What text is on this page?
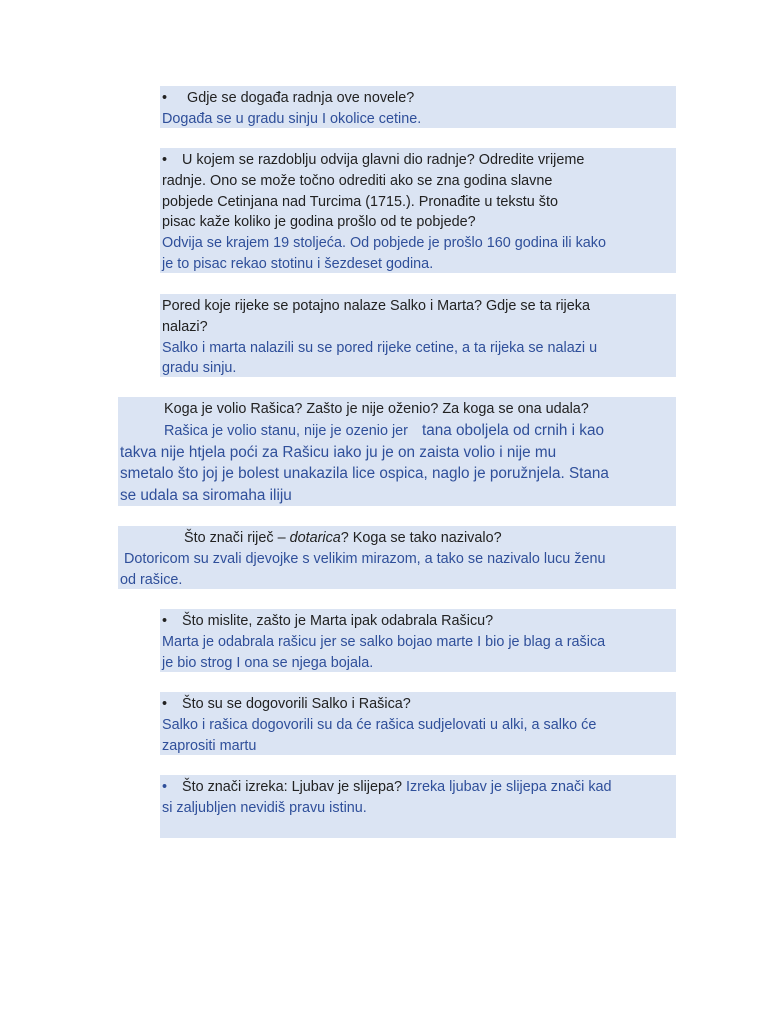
• Gdje se događa radnja ove novele?
Događa se u gradu sinju I okolice cetine.
• U kojem se razdoblju odvija glavni dio radnje? Odredite vrijeme
radnje. Ono se može točno odrediti ako se zna godina slavne
pobjede Cetinjana nad Turcima (1715.). Pronađite u tekstu što
pisac kaže koliko je godina prošlo od te pobjede?
Odvija se krajem 19 stoljeća. Od pobjede je prošlo 160 godina ili kako
je to pisac rekao stotinu i šezdeset godina.
Pored koje rijeke se potajno nalaze Salko i Marta? Gdje se ta rijeka
nalazi?
Salko i marta nalazili su se pored rijeke cetine, a ta rijeka se nalazi u
gradu sinju.
Koga je volio Rašica? Zašto je nije oženio? Za koga se ona udala?
Rašica je volio stanu, nije je ozenio jer tana oboljela od crnih i kao
takva nije htjela poći za Rašicu iako ju je on zaista volio i nije mu
smetalo što joj je bolest unakazila lice ospica, naglo je poružnjela. Stana
se udala sa siromaha iliju
Što znači riječ – dotarica? Koga se tako nazivalo?
Dotoricom su zvali djevojke s velikim mirazom, a tako se nazivalo lucu ženu
od rašice.
• Što mislite, zašto je Marta ipak odabrala Rašicu?
Marta je odabrala rašicu jer se salko bojao marte I bio je blag a rašica
je bio strog I ona se njega bojala.
• Što su se dogovorili Salko i Rašica?
Salko i rašica dogovorili su da će rašica sudjelovati u alki, a salko će
zaprositi martu
• Što znači izreka: Ljubav je slijepa? Izreka ljubav je slijepa znači kad
si zaljubljen nevidiš pravu istinu.
